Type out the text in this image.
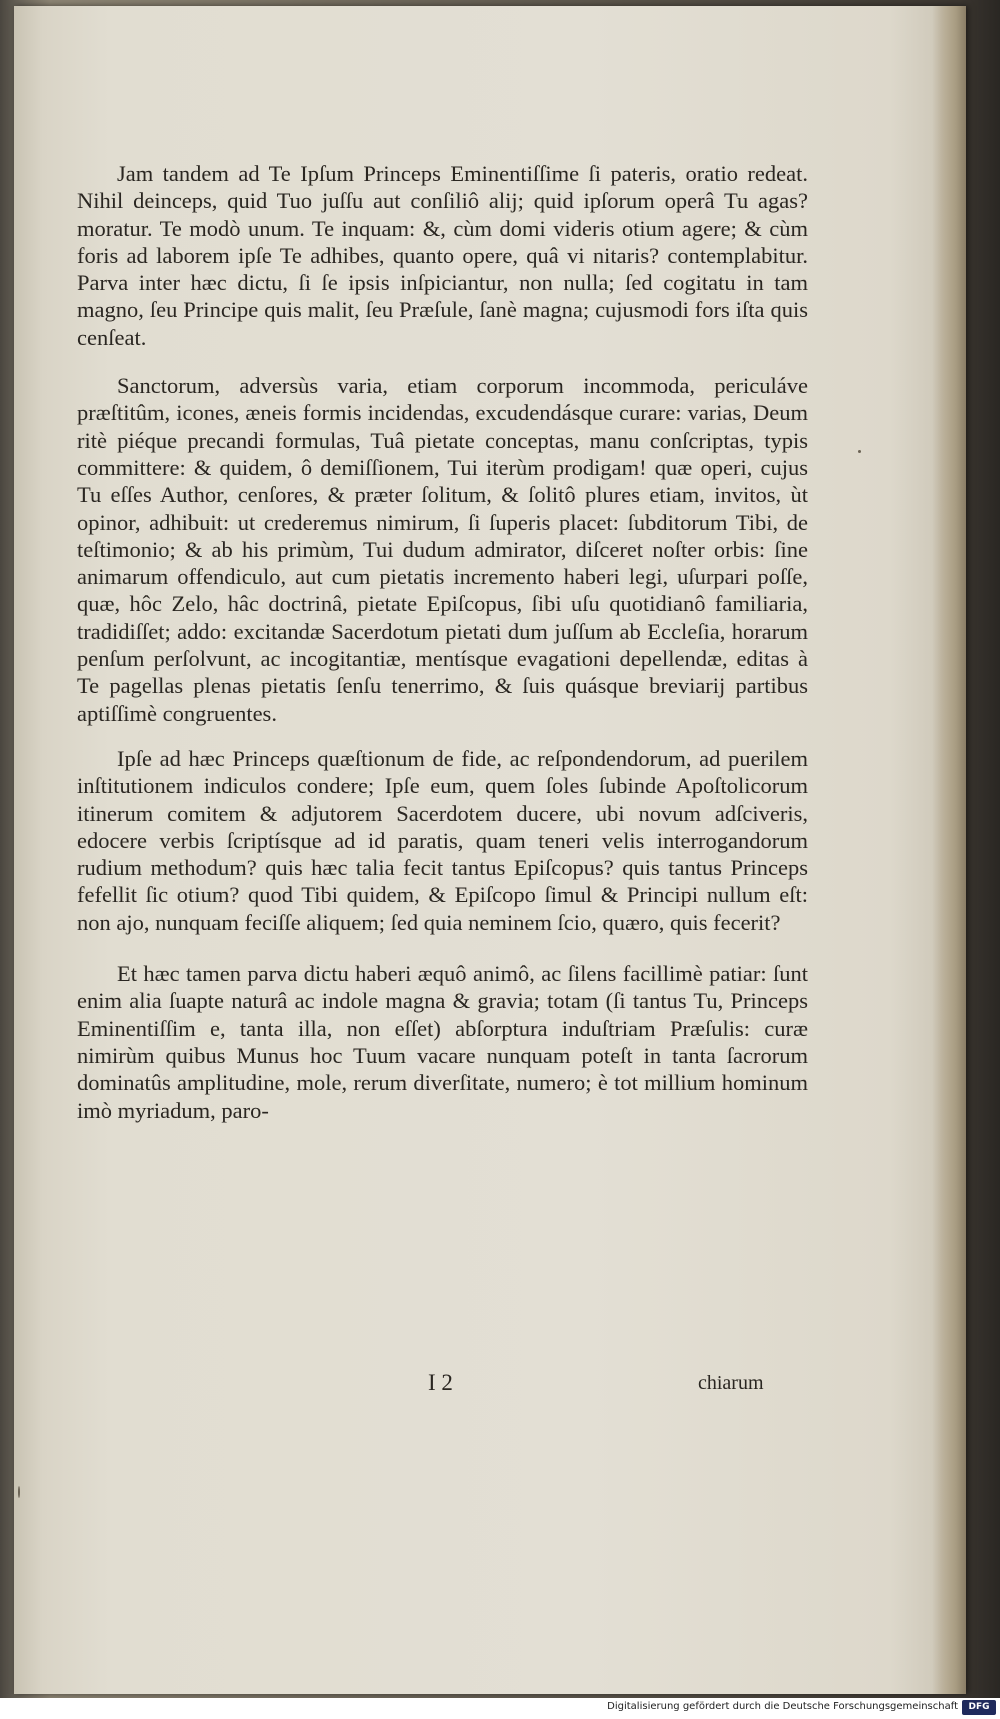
Jam tandem ad Te Ipſum Princeps Eminentiſſime ſi pateris, oratio redeat. Nihil deinceps, quid Tuo juſſu aut conſiliô alij; quid ipſorum operâ Tu agas? moratur. Te modò unum. Te inquam: &, cùm domi videris otium agere; & cùm foris ad laborem ipſe Te adhibes, quanto opere, quâ vi nitaris? contemplabitur. Parva inter hæc dictu, ſi ſe ipsis inſpiciantur, non nulla; ſed cogitatu in tam magno, ſeu Principe quis malit, ſeu Præſule, ſanè magna; cujusmodi fors iſta quis cenſeat.

Sanctorum, adversùs varia, etiam corporum incommoda, periculáve præſtitûm, icones, æneis formis incidendas, excudendásque curare: varias, Deum ritè piéque precandi formulas, Tuâ pietate conceptas, manu conſcriptas, typis committere: & quidem, ô demiſſionem, Tui iterùm prodigam! quæ operi, cujus Tu eſſes Author, cenſores, & præter ſolitum, & ſolitô plures etiam, invitos, ùt opinor, adhibuit: ut crederemus nimirum, ſi ſuperis placet: ſubditorum Tibi, de teſtimonio; & ab his primùm, Tui dudum admirator, diſceret noſter orbis: ſine animarum offendiculo, aut cum pietatis incremento haberi legi, uſurpari poſſe, quæ, hôc Zelo, hâc doctrinâ, pietate Epiſcopus, ſibi uſu quotidianô familiaria, tradidiſſet; addo: excitandæ Sacerdotum pietati dum juſſum ab Eccleſia, horarum penſum perſolvunt, ac incogitantiæ, mentísque evagationi depellendæ, editas à Te pagellas plenas pietatis ſenſu tenerrimo, & ſuis quásque breviarij partibus aptiſſimè congruentes.

Ipſe ad hæc Princeps quæſtionum de fide, ac reſpondendorum, ad puerilem inſtitutionem indiculos condere; Ipſe eum, quem ſoles ſubinde Apoſtolicorum itinerum comitem & adjutorem Sacerdotem ducere, ubi novum adſciveris, edocere verbis ſcriptísque ad id paratis, quam teneri velis interrogandorum rudium methodum? quis hæc talia fecit tantus Epiſcopus? quis tantus Princeps fefellit ſic otium? quod Tibi quidem, & Epiſcopo ſimul & Principi nullum eſt: non ajo, nunquam feciſſe aliquem; ſed quia neminem ſcio, quæro, quis fecerit?

Et hæc tamen parva dictu haberi æquô animô, ac ſilens facillimè patiar: ſunt enim alia ſuapte naturâ ac indole magna & gravia; totam (ſi tantus Tu, Princeps Eminentiſſim e, tanta illa, non eſſet) abſorptura induſtriam Præſulis: curæ nimirùm quibus Munus hoc Tuum vacare nunquam poteſt in tanta ſacrorum dominatûs amplitudine, mole, rerum diverſitate, numero; è tot millium hominum imò myriadum, paro-

I 2	chiarum
Digitalisierung gefördert durch die Deutsche Forschungsgemeinschaft	DFG
